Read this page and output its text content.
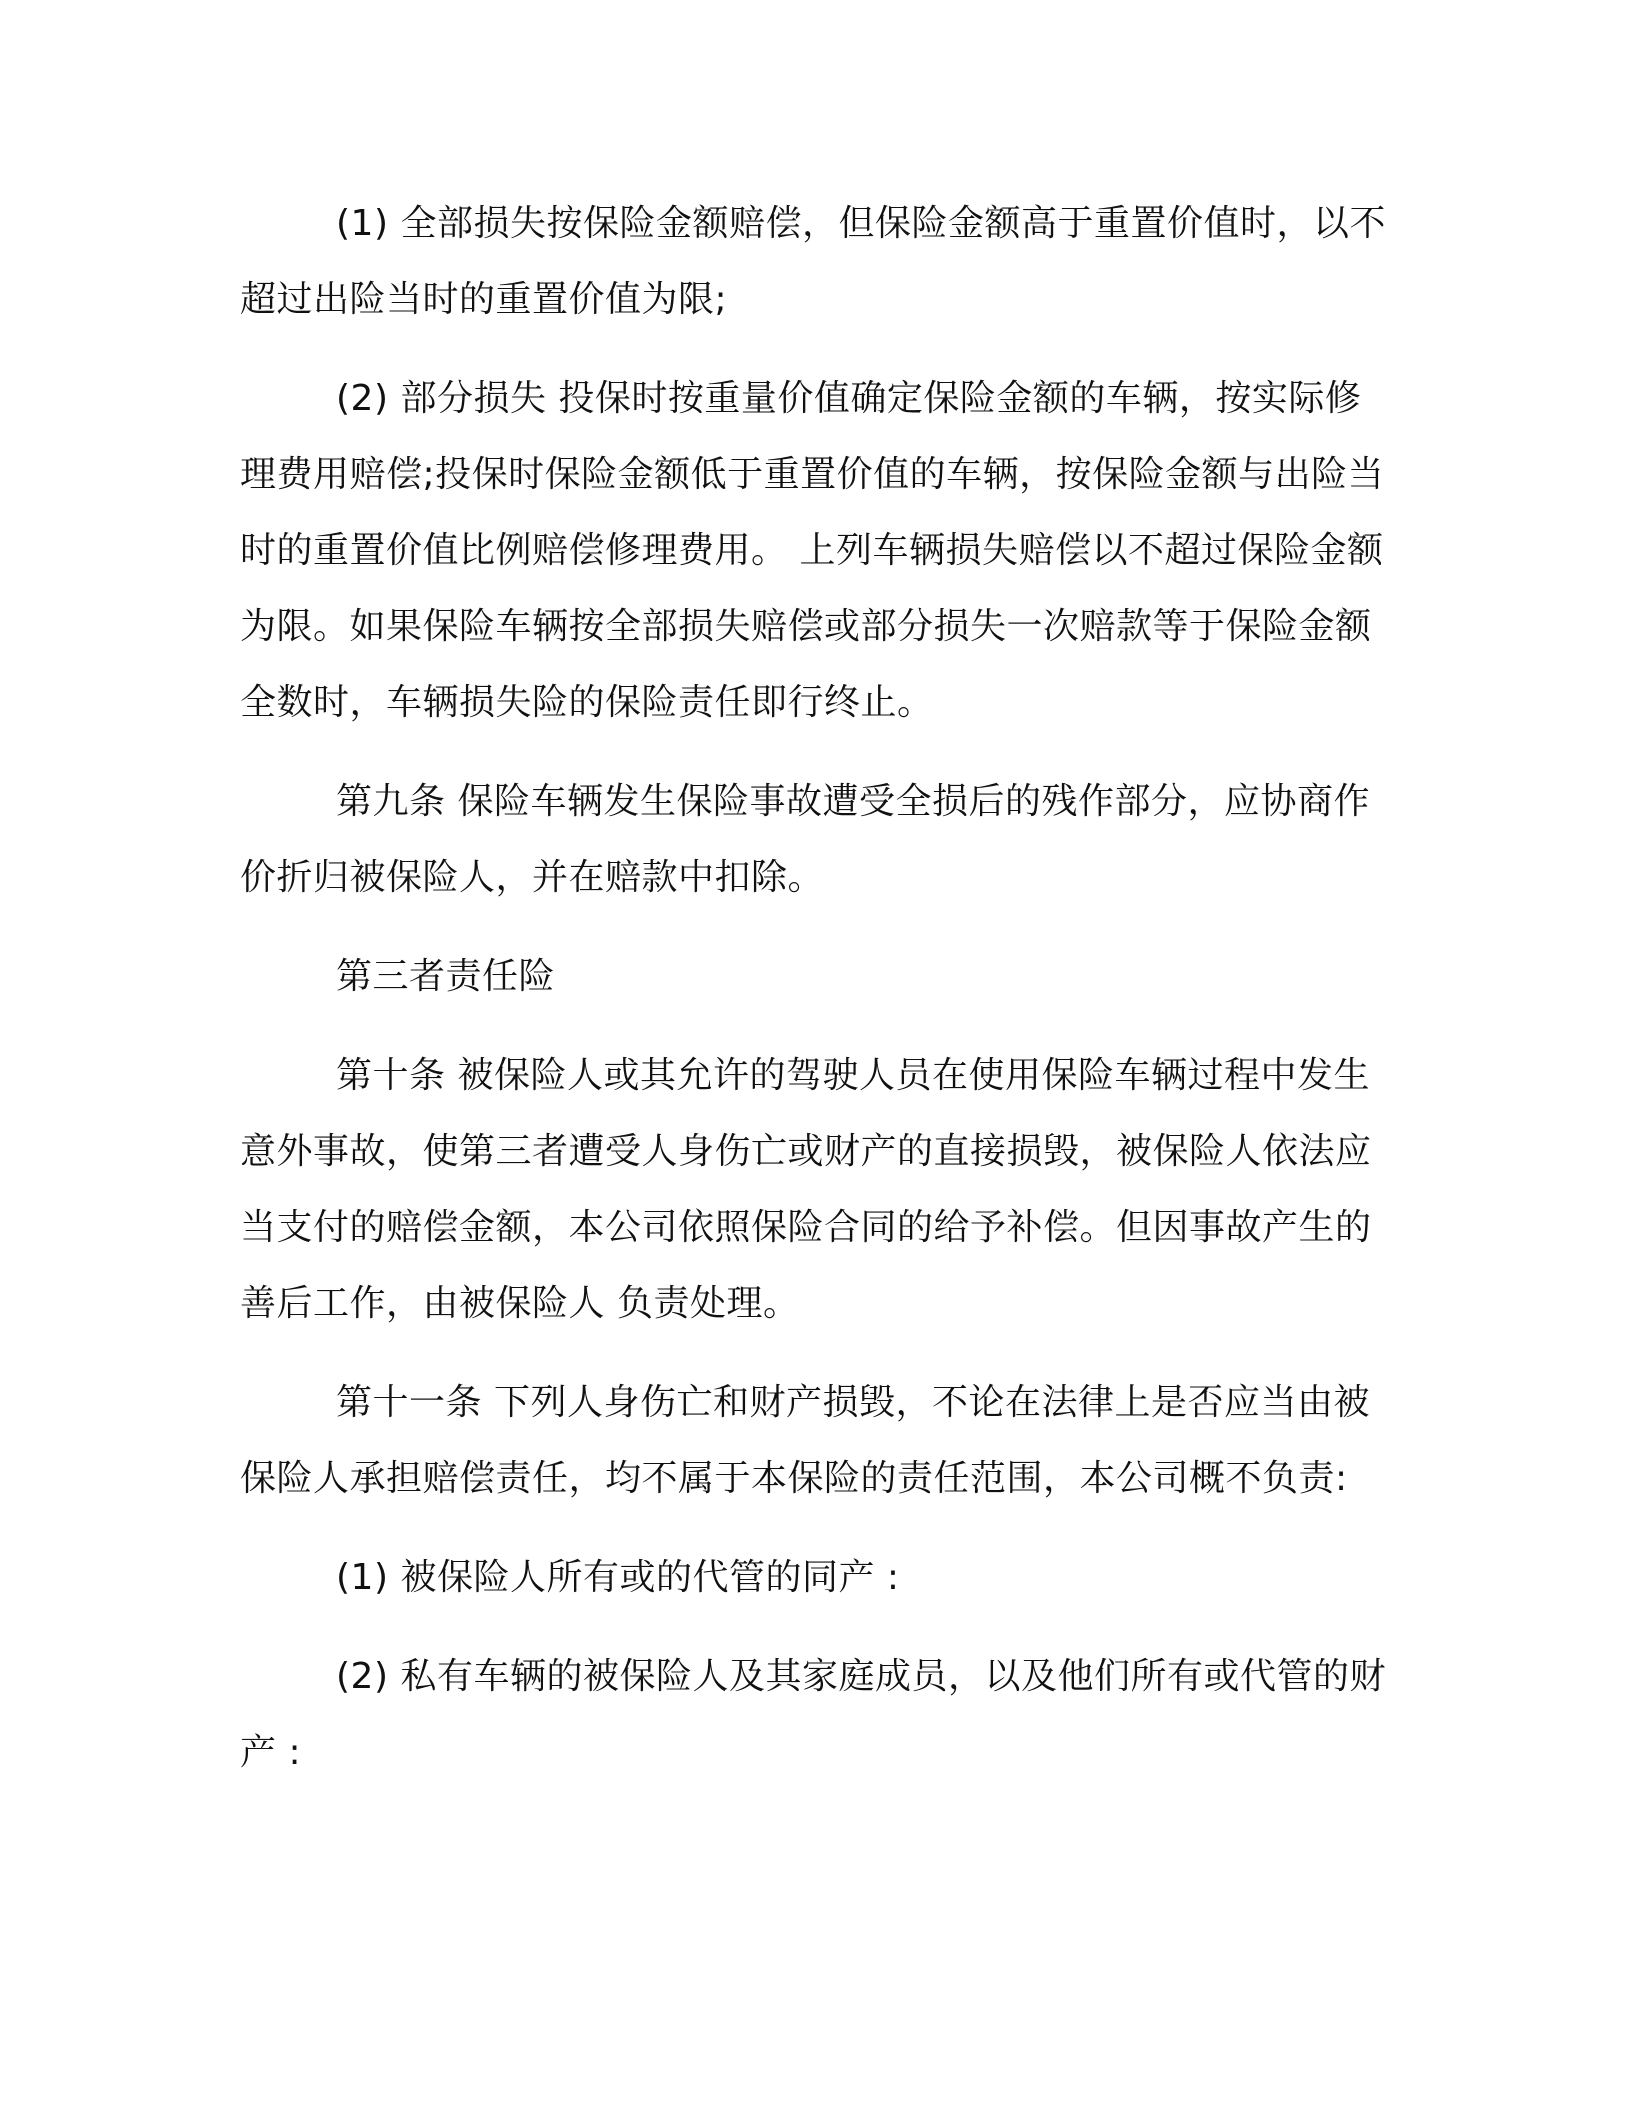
(1) 全部损失按保险金额赔偿，但保险金额高于重置价值时，以不超过出险当时的重置价值为限;

(2) 部分损失 投保时按重量价值确定保险金额的车辆，按实际修理费用赔偿;投保时保险金额低于重置价值的车辆，按保险金额与出险当时的重置价值比例赔偿修理费用。 上列车辆损失赔偿以不超过保险金额为限。如果保险车辆按全部损失赔偿或部分损失一次赔款等于保险金额全数时，车辆损失险的保险责任即行终止。

第九条 保险车辆发生保险事故遭受全损后的残作部分，应协商作价折归被保险人，并在赔款中扣除。

第三者责任险

第十条 被保险人或其允许的驾驶人员在使用保险车辆过程中发生意外事故，使第三者遭受人身伤亡或财产的直接损毁，被保险人依法应当支付的赔偿金额，本公司依照保险合同的给予补偿。但因事故产生的善后工作，由被保险人 负责处理。

第十一条 下列人身伤亡和财产损毁，不论在法律上是否应当由被保险人承担赔偿责任，均不属于本保险的责任范围，本公司概不负责:

(1) 被保险人所有或的代管的同产 :

(2) 私有车辆的被保险人及其家庭成员，以及他们所有或代管的财产 :
